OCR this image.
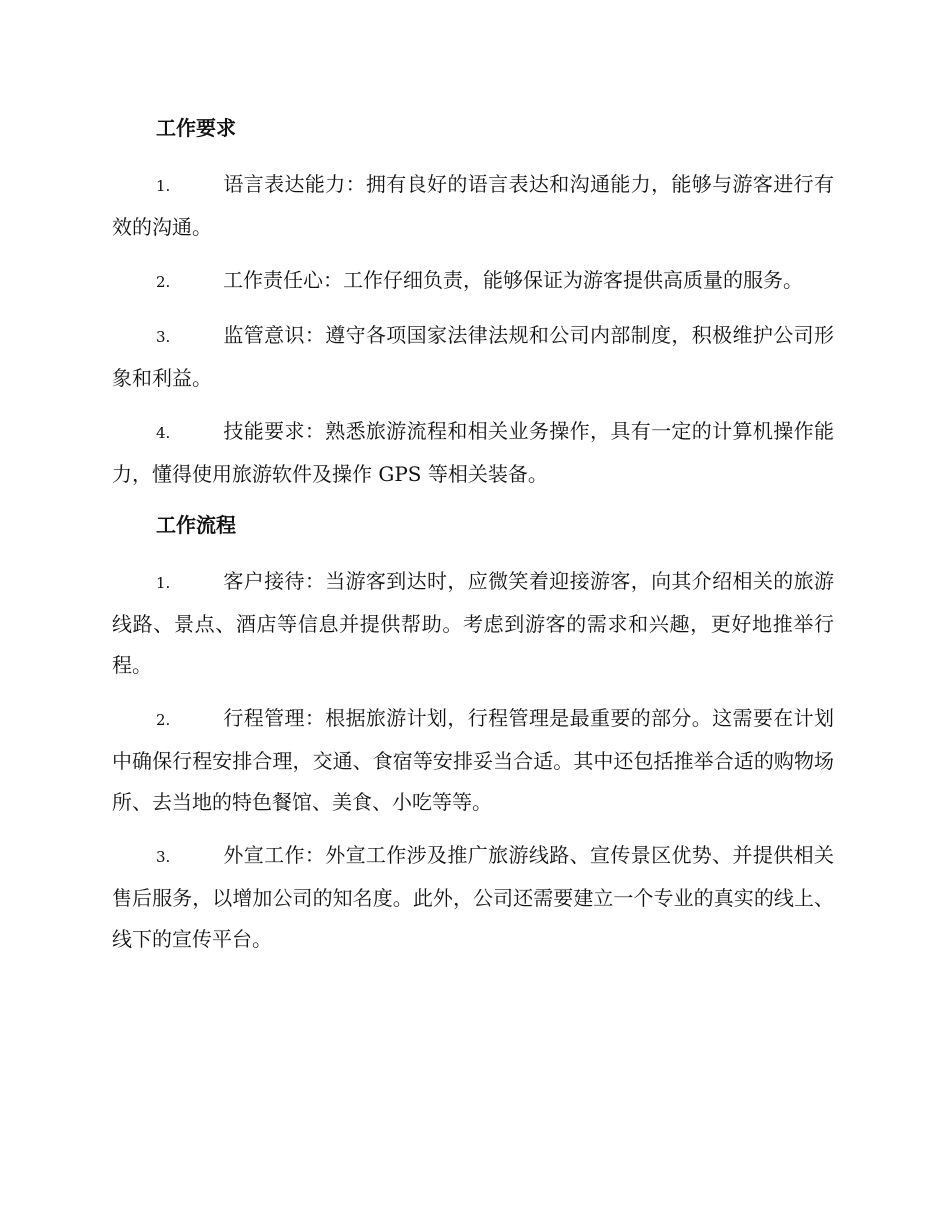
工作要求

1.	语言表达能力：拥有良好的语言表达和沟通能力，能够与游客进行有效的沟通。

2.	工作责任心：工作仔细负责，能够保证为游客提供高质量的服务。

3.	监管意识：遵守各项国家法律法规和公司内部制度，积极维护公司形象和利益。

4.	技能要求：熟悉旅游流程和相关业务操作，具有一定的计算机操作能力，懂得使用旅游软件及操作 GPS 等相关装备。

工作流程

1.	客户接待：当游客到达时，应微笑着迎接游客，向其介绍相关的旅游线路、景点、酒店等信息并提供帮助。考虑到游客的需求和兴趣，更好地推举行程。

2.	行程管理：根据旅游计划，行程管理是最重要的部分。这需要在计划中确保行程安排合理，交通、食宿等安排妥当合适。其中还包括推举合适的购物场所、去当地的特色餐馆、美食、小吃等等。

3.	外宣工作：外宣工作涉及推广旅游线路、宣传景区优势、并提供相关售后服务，以增加公司的知名度。此外，公司还需要建立一个专业的真实的线上、线下的宣传平台。
